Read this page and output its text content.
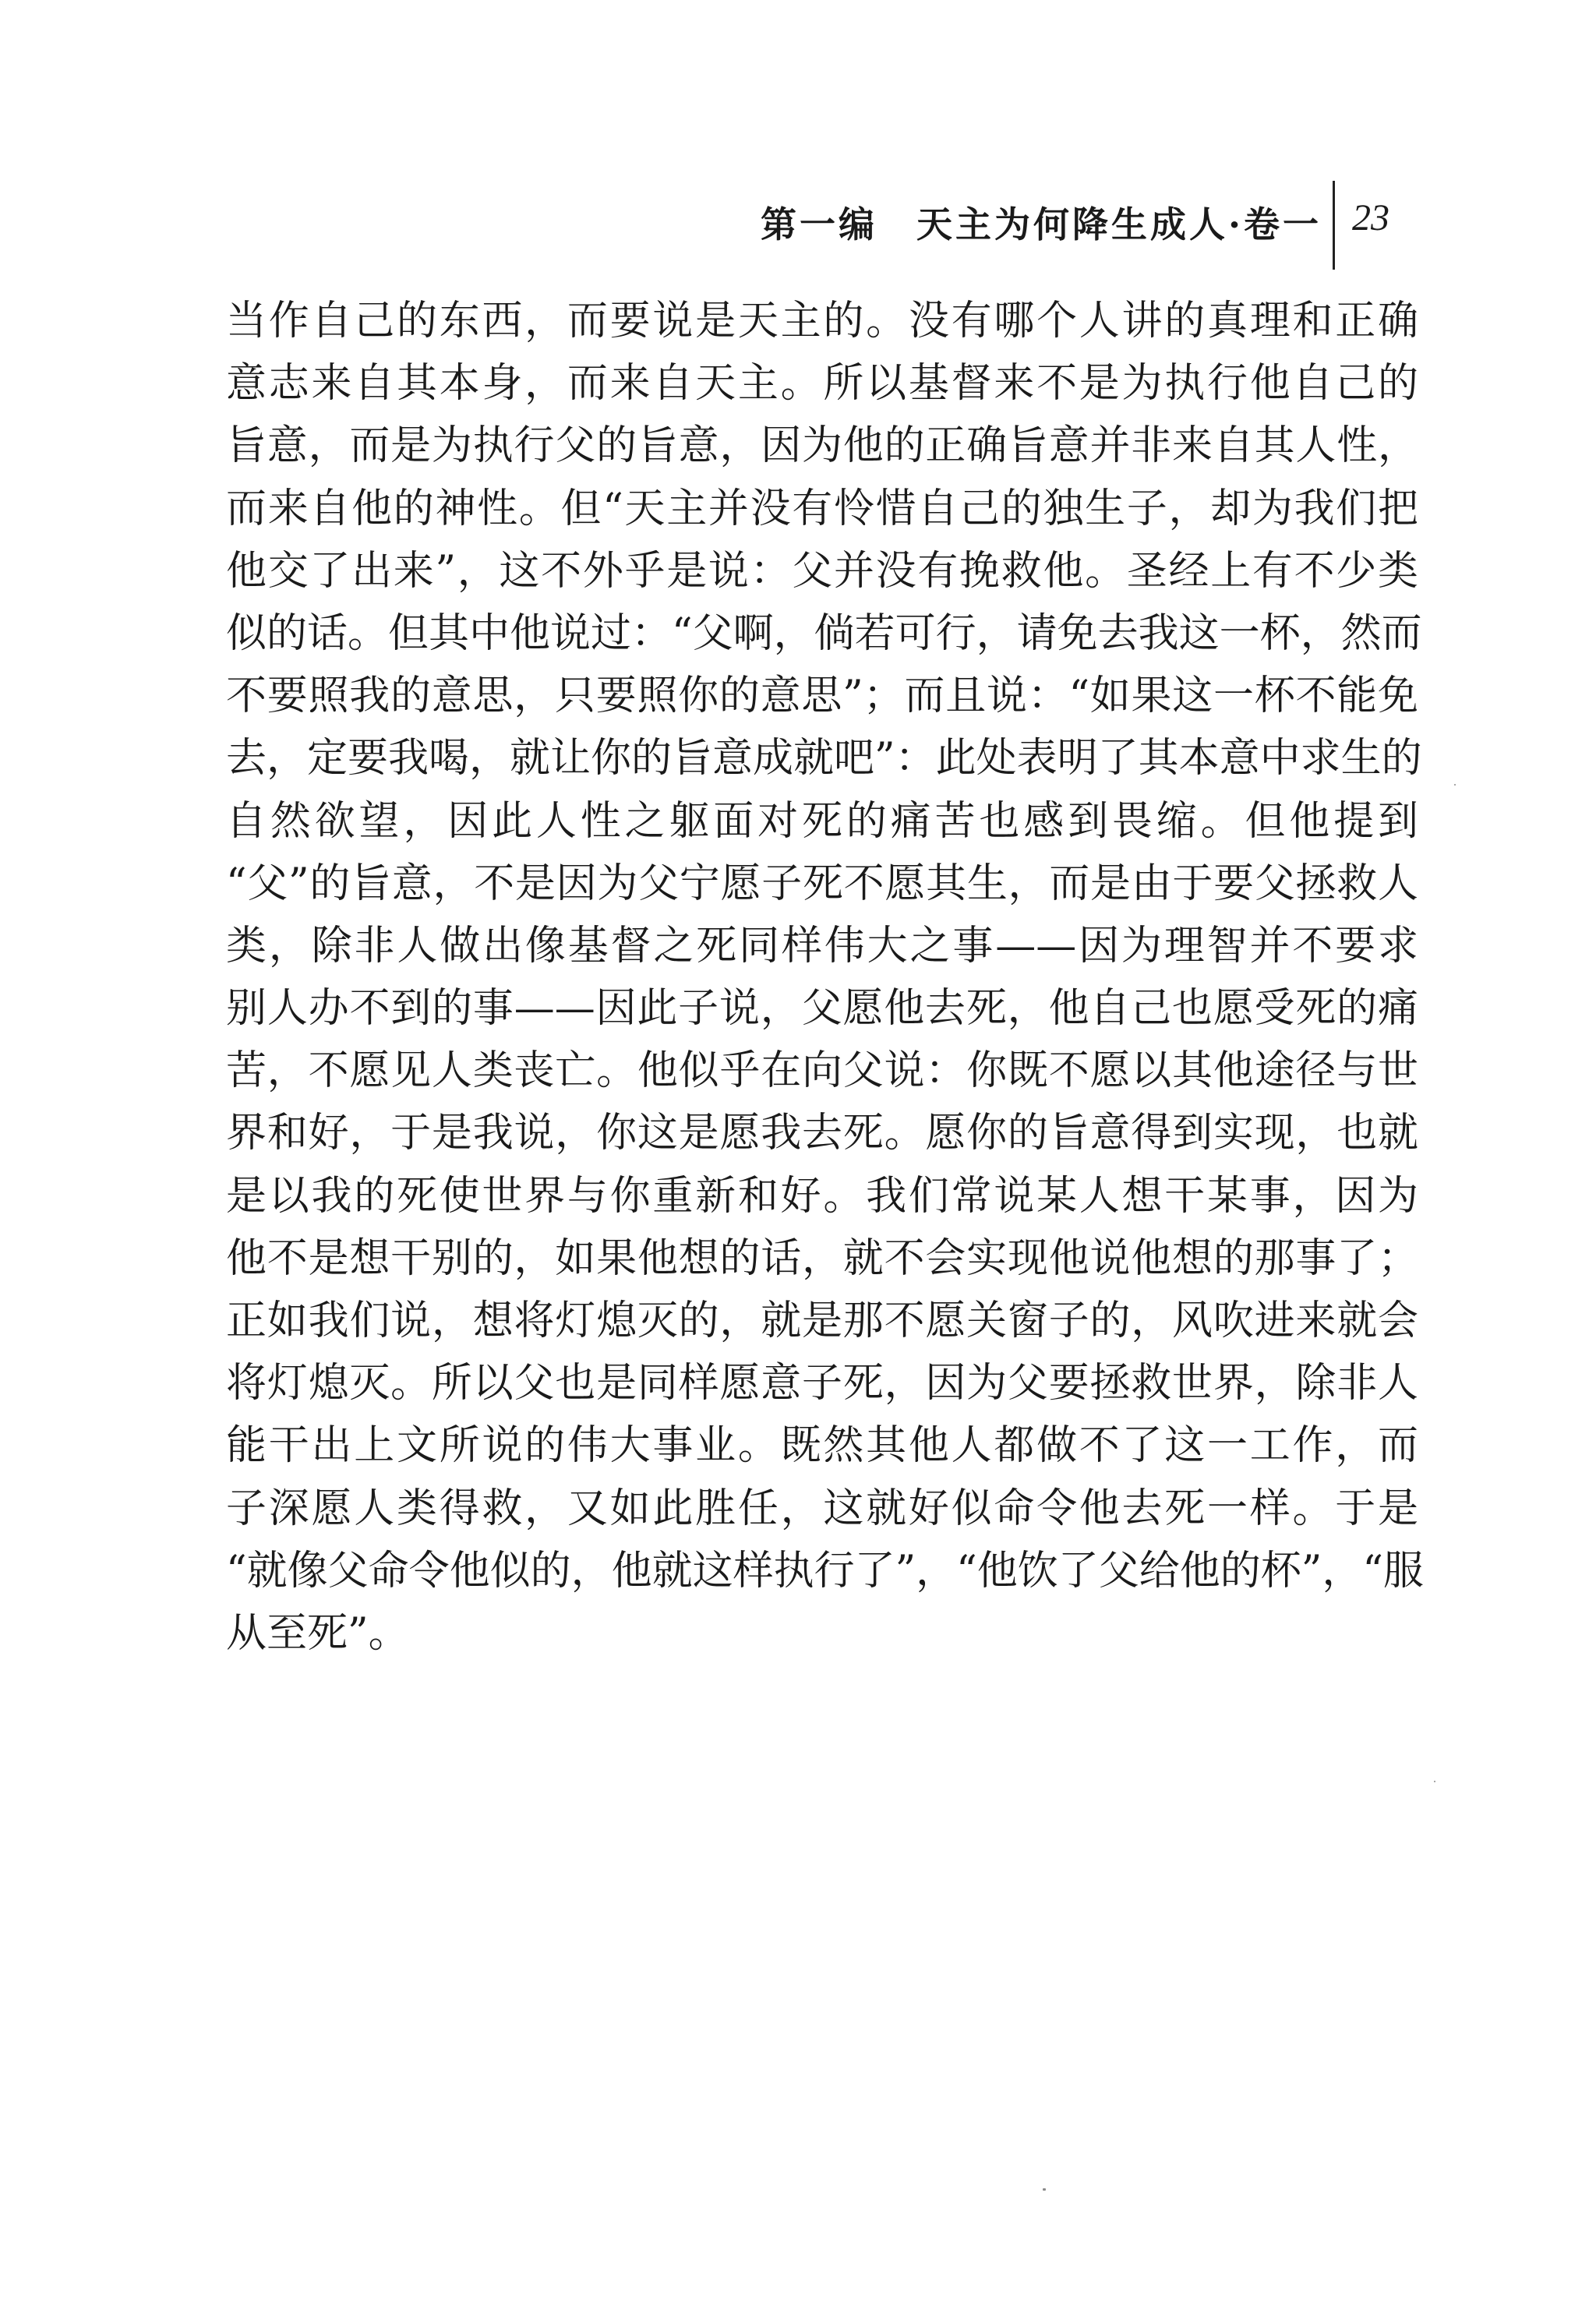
第一编　天主为何降生成人·卷一 23
当作自己的东西，而要说是天主的。没有哪个人讲的真理和正确
意志来自其本身，而来自天主。所以基督来不是为执行他自己的
旨意，而是为执行父的旨意，因为他的正确旨意并非来自其人性，
而来自他的神性。但“天主并没有怜惜自己的独生子，却为我们把
他交了出来”，这不外乎是说：父并没有挽救他。圣经上有不少类
似的话。但其中他说过：“父啊，倘若可行，请免去我这一杯，然而
不要照我的意思，只要照你的意思”；而且说：“如果这一杯不能免
去，定要我喝，就让你的旨意成就吧”：此处表明了其本意中求生的
自然欲望，因此人性之躯面对死的痛苦也感到畏缩。但他提到
“父”的旨意，不是因为父宁愿子死不愿其生，而是由于要父拯救人
类，除非人做出像基督之死同样伟大之事——因为理智并不要求
别人办不到的事——因此子说，父愿他去死，他自己也愿受死的痛
苦，不愿见人类丧亡。他似乎在向父说：你既不愿以其他途径与世
界和好，于是我说，你这是愿我去死。愿你的旨意得到实现，也就
是以我的死使世界与你重新和好。我们常说某人想干某事，因为
他不是想干别的，如果他想的话，就不会实现他说他想的那事了；
正如我们说，想将灯熄灭的，就是那不愿关窗子的，风吹进来就会
将灯熄灭。所以父也是同样愿意子死，因为父要拯救世界，除非人
能干出上文所说的伟大事业。既然其他人都做不了这一工作，而
子深愿人类得救，又如此胜任，这就好似命令他去死一样。于是
“就像父命令他似的，他就这样执行了”，“他饮了父给他的杯”，“服
从至死”。
